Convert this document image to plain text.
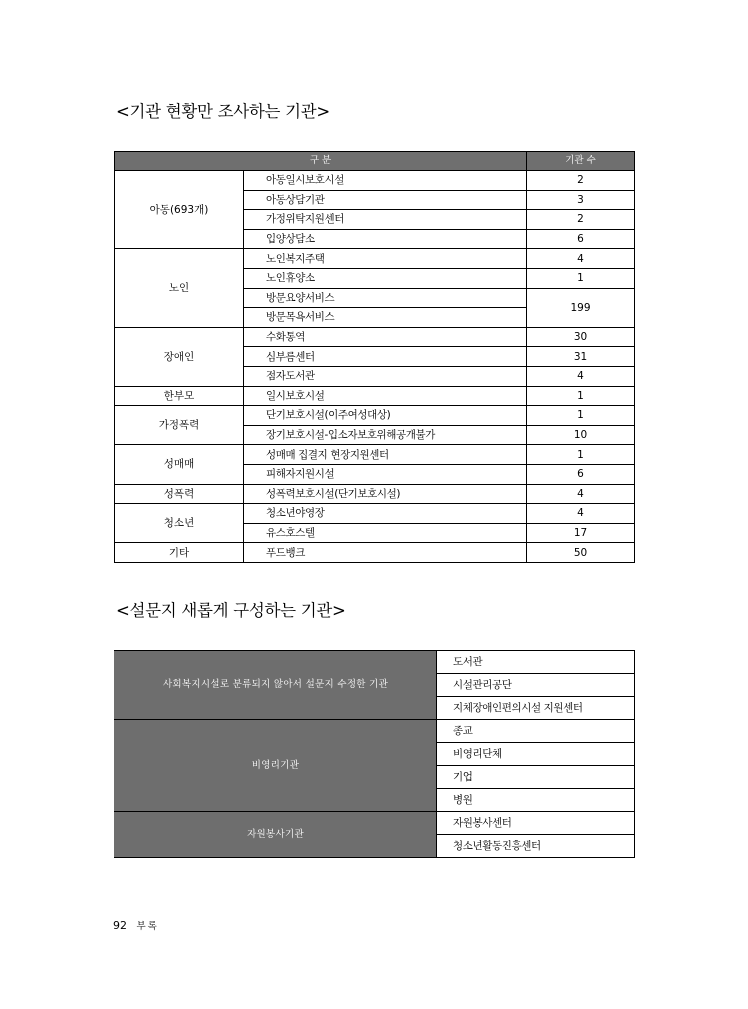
<기관 현황만 조사하는 기관>
구 분		기관 수
아동(693개)	아동일시보호시설	2
	아동상담기관	3
	가정위탁지원센터	2
	입양상담소	6
노인	노인복지주택	4
	노인휴양소	1
	방문요양서비스	199
	방문목욕서비스	
장애인	수화통역	30
	심부름센터	31
	점자도서관	4
한부모	일시보호시설	1
가정폭력	단기보호시설(이주여성대상)	1
	장기보호시설-입소자보호위해공개불가	10
성매매	성매매 집결지 현장지원센터	1
	피해자지원시설	6
성폭력	성폭력보호시설(단기보호시설)	4
청소년	청소년야영장	4
	유스호스텔	17
기타	푸드뱅크	50
<설문지 새롭게 구성하는 기관>
사회복지시설로 분류되지 않아서 설문지 수정한 기관	도서관
	시설관리공단
	지체장애인편의시설 지원센터
비영리기관	종교
	비영리단체
	기업
	병원
자원봉사기관	자원봉사센터
	청소년활동진흥센터
92 부록
